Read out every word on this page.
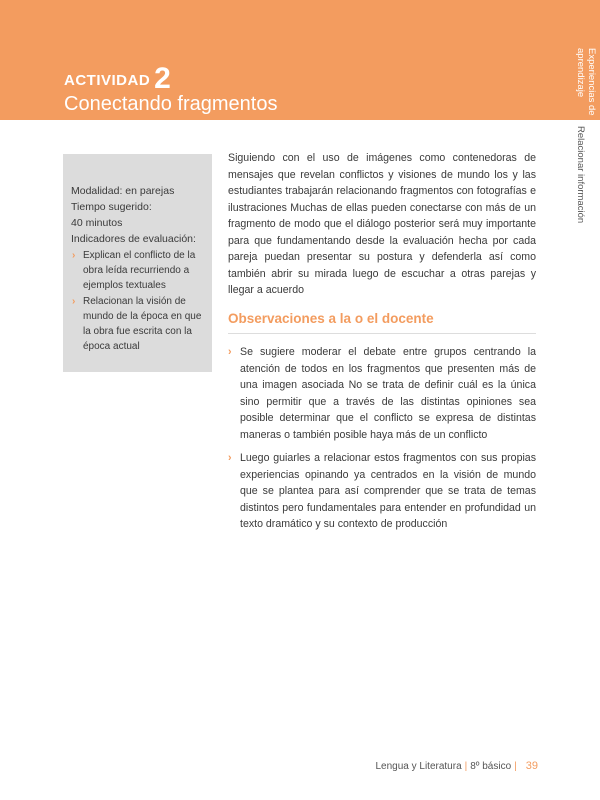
ACTIVIDAD 2
Conectando fragmentos	Experiencias de aprendizaje
Relacionar información

Modalidad: en parejas

Tiempo sugerido:

40 minutos

Indicadores de evaluación:

› Explican el conflicto de la obra leída recurriendo a ejemplos textuales
› Relacionan la visión de mundo de la época en que la obra fue escrita con la época actual
Siguiendo con el uso de imágenes como contenedoras de mensajes que revelan conflictos y visiones de mundo los y las estudiantes trabajarán relacionando fragmentos con fotografías e ilustraciones Muchas de ellas pueden conectarse con más de un fragmento de modo que el diálogo posterior será muy importante para que fundamentando desde la evaluación hecha por cada pareja puedan presentar su postura y defenderla así como también abrir su mirada luego de escuchar a otras parejas y llegar a acuerdo
Observaciones a la o el docente
› Se sugiere moderar el debate entre grupos centrando la atención de todos en los fragmentos que presenten más de una imagen asociada No se trata de definir cuál es la única sino permitir que a través de las distintas opiniones sea posible determinar que el conflicto se expresa de distintas maneras o también posible haya más de un conflicto
› Luego guiarles a relacionar estos fragmentos con sus propias experiencias opinando ya centrados en la visión de mundo que se plantea para así comprender que se trata de temas distintos pero fundamentales para entender en profundidad un texto dramático y su contexto de producción
Lengua y Literatura | 8º básico | 39
